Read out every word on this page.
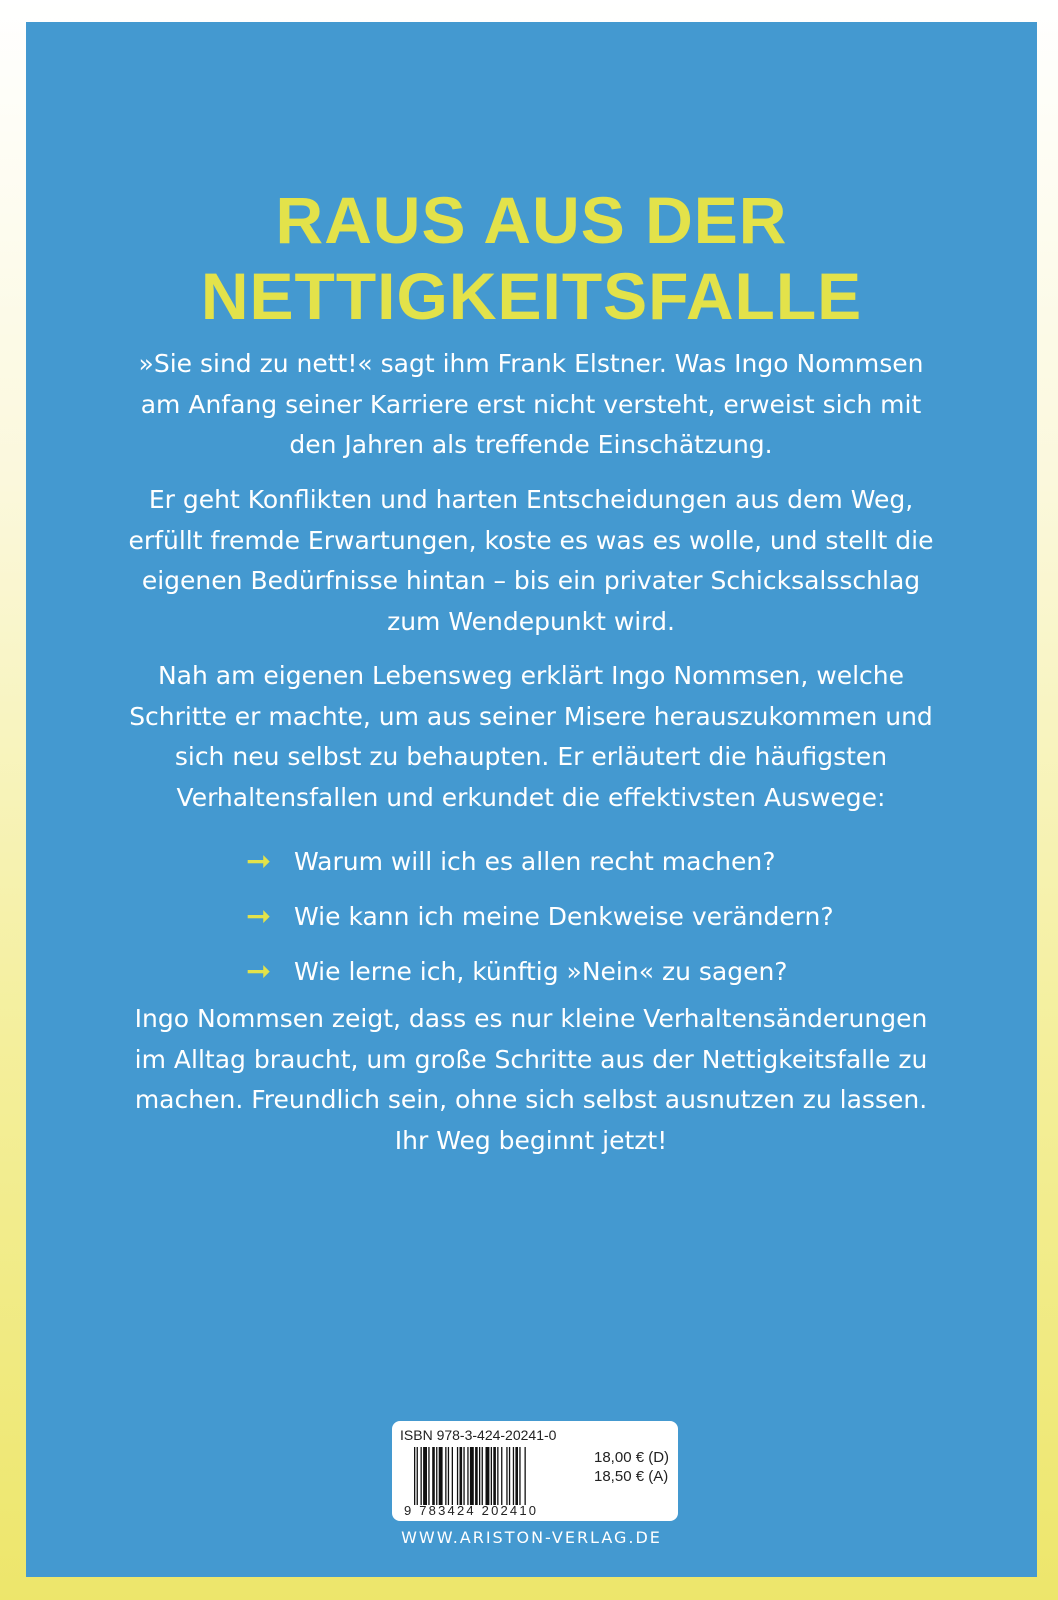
RAUS AUS DER
NETTIGKEITSFALLE

»Sie sind zu nett!« sagt ihm Frank Elstner. Was Ingo Nommsen am Anfang seiner Karriere erst nicht versteht, erweist sich mit den Jahren als treffende Einschätzung.

Er geht Konflikten und harten Entscheidungen aus dem Weg, erfüllt fremde Erwartungen, koste es was es wolle, und stellt die eigenen Bedürfnisse hintan – bis ein privater Schicksalsschlag zum Wendepunkt wird.

Nah am eigenen Lebensweg erklärt Ingo Nommsen, welche Schritte er machte, um aus seiner Misere herauszukommen und sich neu selbst zu behaupten. Er erläutert die häufigsten Verhaltensfallen und erkundet die effektivsten Auswege:

➞ Warum will ich es allen recht machen?
➞ Wie kann ich meine Denkweise verändern?
➞ Wie lerne ich, künftig »Nein« zu sagen?

Ingo Nommsen zeigt, dass es nur kleine Verhaltensänderungen im Alltag braucht, um große Schritte aus der Nettigkeitsfalle zu machen. Freundlich sein, ohne sich selbst ausnutzen zu lassen. Ihr Weg beginnt jetzt!

ISBN 978-3-424-20241-0
9 783424 202410
18,00 € (D)
18,50 € (A)
WWW.ARISTON-VERLAG.DE
